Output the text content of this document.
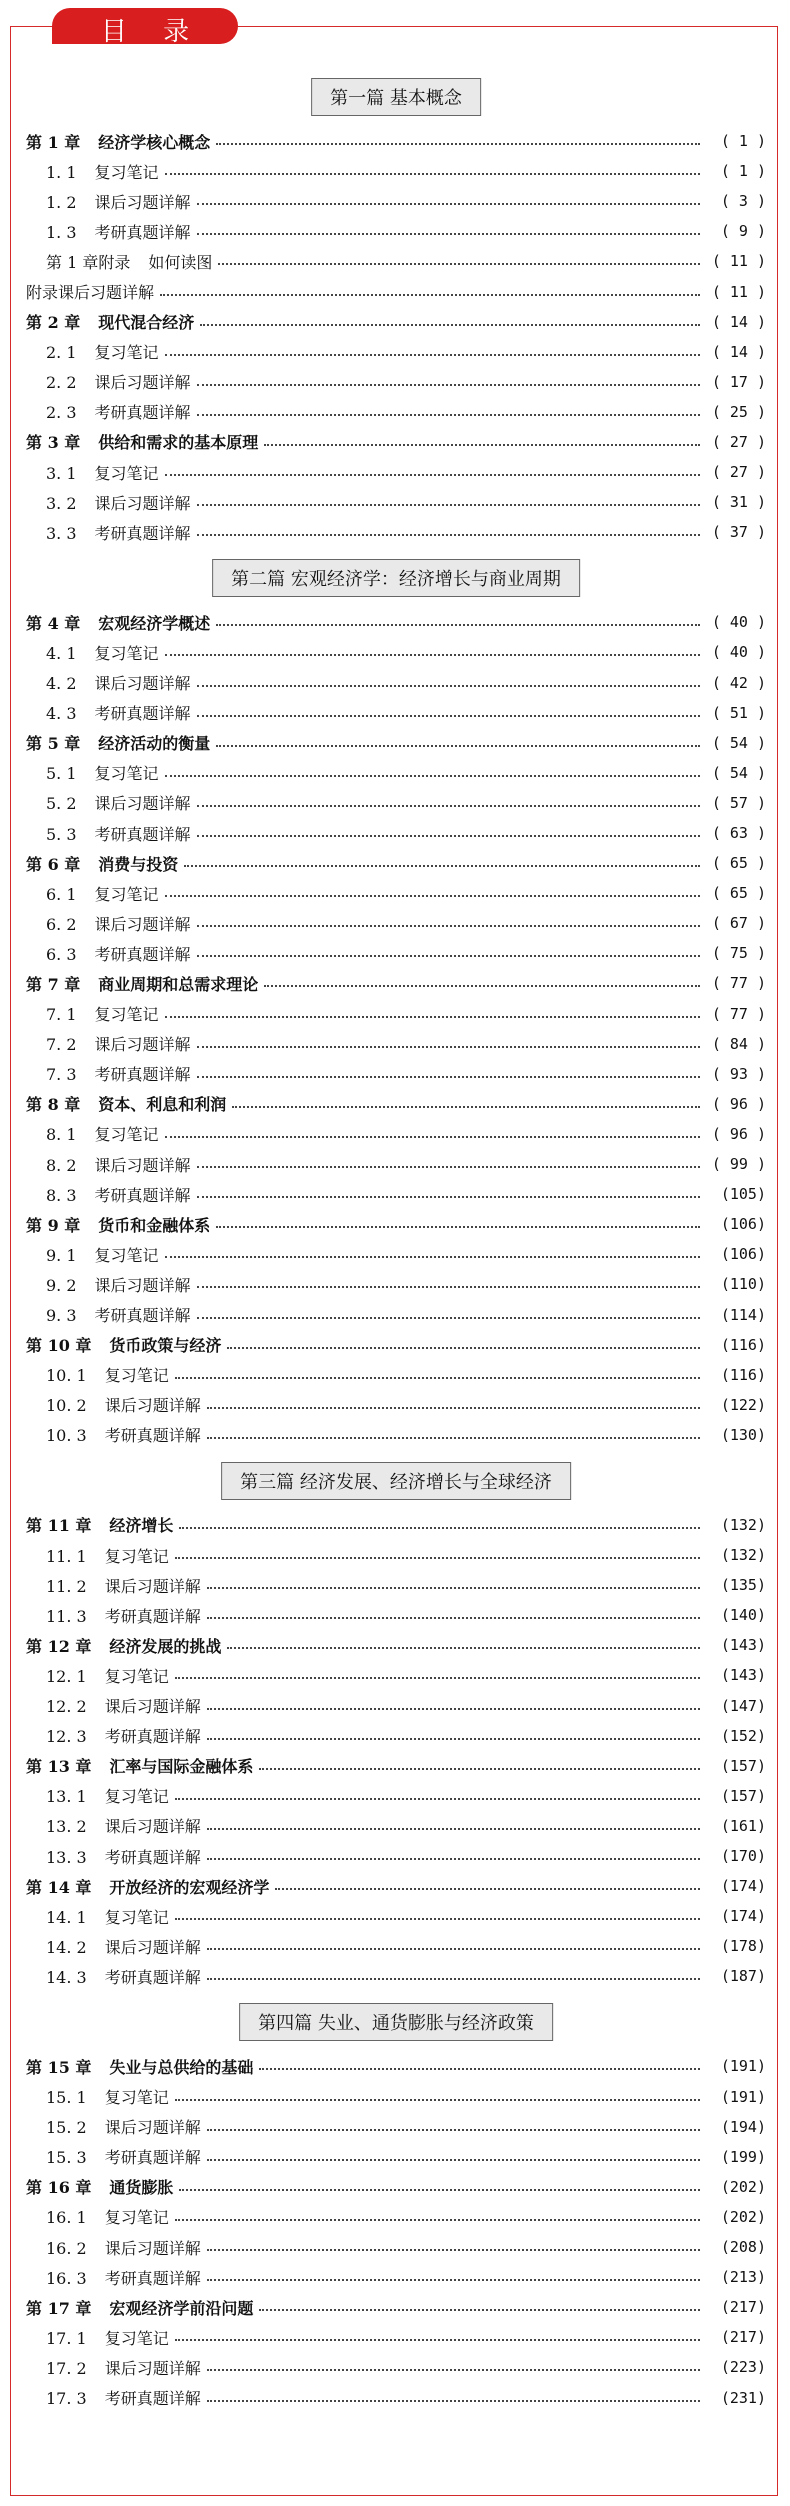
目 录
第一篇 基本概念
第 1 章 经济学核心概念	( 1 )
1. 1 复习笔记	( 1 )
1. 2 课后习题详解	( 3 )
1. 3 考研真题详解	( 9 )
第 1 章附录 如何读图	( 11 )
附录课后习题详解	( 11 )
第 2 章 现代混合经济	( 14 )
2. 1 复习笔记	( 14 )
2. 2 课后习题详解	( 17 )
2. 3 考研真题详解	( 25 )
第 3 章 供给和需求的基本原理	( 27 )
3. 1 复习笔记	( 27 )
3. 2 课后习题详解	( 31 )
3. 3 考研真题详解	( 37 )
第二篇 宏观经济学：经济增长与商业周期
第 4 章 宏观经济学概述	( 40 )
4. 1 复习笔记	( 40 )
4. 2 课后习题详解	( 42 )
4. 3 考研真题详解	( 51 )
第 5 章 经济活动的衡量	( 54 )
5. 1 复习笔记	( 54 )
5. 2 课后习题详解	( 57 )
5. 3 考研真题详解	( 63 )
第 6 章 消费与投资	( 65 )
6. 1 复习笔记	( 65 )
6. 2 课后习题详解	( 67 )
6. 3 考研真题详解	( 75 )
第 7 章 商业周期和总需求理论	( 77 )
7. 1 复习笔记	( 77 )
7. 2 课后习题详解	( 84 )
7. 3 考研真题详解	( 93 )
第 8 章 资本、利息和利润	( 96 )
8. 1 复习笔记	( 96 )
8. 2 课后习题详解	( 99 )
8. 3 考研真题详解	(105)
第 9 章 货币和金融体系	(106)
9. 1 复习笔记	(106)
9. 2 课后习题详解	(110)
9. 3 考研真题详解	(114)
第 10 章 货币政策与经济	(116)
10. 1 复习笔记	(116)
10. 2 课后习题详解	(122)
10. 3 考研真题详解	(130)
第三篇 经济发展、经济增长与全球经济
第 11 章 经济增长	(132)
11. 1 复习笔记	(132)
11. 2 课后习题详解	(135)
11. 3 考研真题详解	(140)
第 12 章 经济发展的挑战	(143)
12. 1 复习笔记	(143)
12. 2 课后习题详解	(147)
12. 3 考研真题详解	(152)
第 13 章 汇率与国际金融体系	(157)
13. 1 复习笔记	(157)
13. 2 课后习题详解	(161)
13. 3 考研真题详解	(170)
第 14 章 开放经济的宏观经济学	(174)
14. 1 复习笔记	(174)
14. 2 课后习题详解	(178)
14. 3 考研真题详解	(187)
第四篇 失业、通货膨胀与经济政策
第 15 章 失业与总供给的基础	(191)
15. 1 复习笔记	(191)
15. 2 课后习题详解	(194)
15. 3 考研真题详解	(199)
第 16 章 通货膨胀	(202)
16. 1 复习笔记	(202)
16. 2 课后习题详解	(208)
16. 3 考研真题详解	(213)
第 17 章 宏观经济学前沿问题	(217)
17. 1 复习笔记	(217)
17. 2 课后习题详解	(223)
17. 3 考研真题详解	(231)
